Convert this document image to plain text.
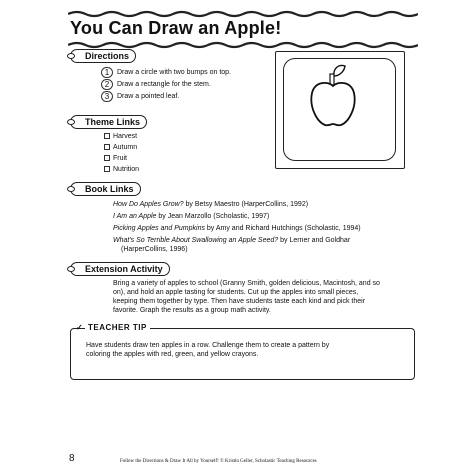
You Can Draw an Apple!
Directions
1	Draw a circle with two bumps on top.
2	Draw a rectangle for the stem.
3	Draw a pointed leaf.
Theme Links
Harvest
Autumn
Fruit
Nutrition
Book Links
How Do Apples Grow? by Betsy Maestro (HarperCollins, 1992)
I Am an Apple by Jean Marzollo (Scholastic, 1997)
Picking Apples and Pumpkins by Amy and Richard Hutchings (Scholastic, 1994)
What's So Terrible About Swallowing an Apple Seed? by Lerner and Goldhar
(HarperCollins, 1996)
Extension Activity
Bring a variety of apples to school (Granny Smith, golden delicious, Macintosh, and so
on), and hold an apple tasting for students. Cut up the apples into small pieces,
keeping them together by type. Then have students taste each kind and pick their
favorite. Graph the results as a group math activity.
✓ TEACHER TIP
Have students draw ten apples in a row. Challenge them to create a pattern by
coloring the apples with red, green, and yellow crayons.
8	Follow the Directions & Draw It All by Yourself! © Kristin Geller, Scholastic Teaching Resources
